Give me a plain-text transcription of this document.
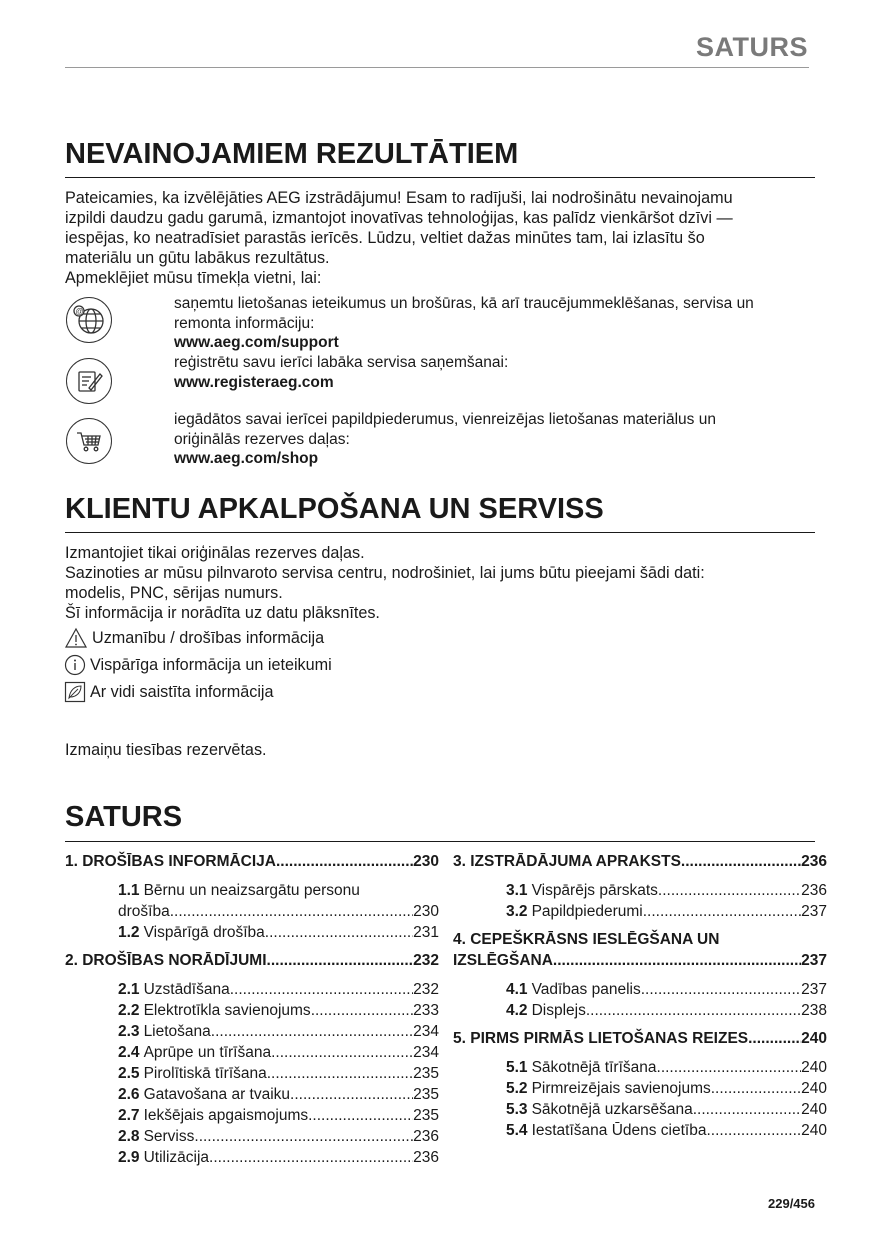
SATURS
NEVAINOJAMIEM REZULTĀTIEM
Pateicamies, ka izvēlējāties AEG izstrādājumu! Esam to radījuši, lai nodrošinātu nevainojamu
izpildi daudzu gadu garumā, izmantojot inovatīvas tehnoloģijas, kas palīdz vienkāršot dzīvi —
iespējas, ko neatradīsiet parastās ierīcēs. Lūdzu, veltiet dažas minūtes tam, lai izlasītu šo
materiālu un gūtu labākus rezultātus.
Apmeklējiet mūsu tīmekļa vietni, lai:
@	saņemtu lietošanas ieteikumus un brošūras, kā arī traucējummeklēšanas, servisa un
remonta informāciju:
www.aeg.com/support
reģistrētu savu ierīci labāka servisa saņemšanai:
www.registeraeg.com
iegādātos savai ierīcei papildpiederumus, vienreizējas lietošanas materiālus un
oriģinālās rezerves daļas:
www.aeg.com/shop
KLIENTU APKALPOŠANA UN SERVISS
Izmantojiet tikai oriģinālas rezerves daļas.
Sazinoties ar mūsu pilnvaroto servisa centru, nodrošiniet, lai jums būtu pieejami šādi dati:
modelis, PNC, sērijas numurs.
Šī informācija ir norādīta uz datu plāksnītes.
Uzmanību / drošības informācija
Vispārīga informācija un ieteikumi
Ar vidi saistīta informācija
Izmaiņu tiesības rezervētas.
SATURS
1. DROŠĪBAS INFORMĀCIJA .....	230
1.1 Bērnu un neaizsargātu personu
drošība .....	230
1.2 Vispārīgā drošība .....	231
2. DROŠĪBAS NORĀDĪJUMI .....	232
2.1 Uzstādīšana .....	232
2.2 Elektrotīkla savienojums .....	233
2.3 Lietošana .....	234
2.4 Aprūpe un tīrīšana .....	234
2.5 Pirolītiskā tīrīšana .....	235
2.6 Gatavošana ar tvaiku .....	235
2.7 Iekšējais apgaismojums .....	235
2.8 Serviss .....	236
2.9 Utilizācija .....	236
3. IZSTRĀDĀJUMA APRAKSTS .....	236
3.1 Vispārējs pārskats .....	236
3.2 Papildpiederumi .....	237
4. CEPEŠKRĀSNS IESLĒGŠANA UN
IZSLĒGŠANA .....	237
4.1 Vadības panelis .....	237
4.2 Displejs .....	238
5. PIRMS PIRMĀS LIETOŠANAS REIZES .....	240
5.1 Sākotnējā tīrīšana .....	240
5.2 Pirmreizējais savienojums .....	240
5.3 Sākotnējā uzkarsēšana .....	240
5.4 Iestatīšana Ūdens cietība .....	240
229/456
